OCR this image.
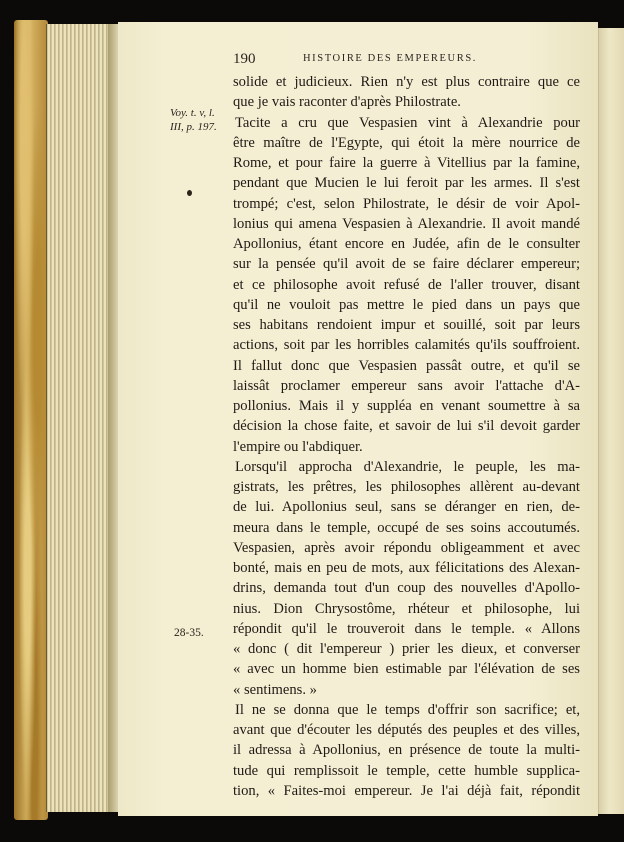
190	HISTOIRE DES EMPEREURS.
Voy. t. v, l.
III, p. 197.
28-35.
solide et judicieux. Rien n'y est plus contraire que ce
que je vais raconter d'après Philostrate.
Tacite a cru que Vespasien vint à Alexandrie pour
être maître de l'Egypte, qui étoit la mère nourrice de
Rome, et pour faire la guerre à Vitellius par la famine,
pendant que Mucien le lui feroit par les armes. Il s'est
trompé; c'est, selon Philostrate, le désir de voir Apol-
lonius qui amena Vespasien à Alexandrie. Il avoit mandé
Apollonius, étant encore en Judée, afin de le consulter
sur la pensée qu'il avoit de se faire déclarer empereur;
et ce philosophe avoit refusé de l'aller trouver, disant
qu'il ne vouloit pas mettre le pied dans un pays que
ses habitans rendoient impur et souillé, soit par leurs
actions, soit par les horribles calamités qu'ils souffroient.
Il fallut donc que Vespasien passât outre, et qu'il se
laissât proclamer empereur sans avoir l'attache d'A-
pollonius. Mais il y suppléa en venant soumettre à sa
décision la chose faite, et savoir de lui s'il devoit garder
l'empire ou l'abdiquer.
Lorsqu'il approcha d'Alexandrie, le peuple, les ma-
gistrats, les prêtres, les philosophes allèrent au-devant
de lui. Apollonius seul, sans se déranger en rien, de-
meura dans le temple, occupé de ses soins accoutumés.
Vespasien, après avoir répondu obligeamment et avec
bonté, mais en peu de mots, aux félicitations des Alexan-
drins, demanda tout d'un coup des nouvelles d'Apollo-
nius. Dion Chrysostôme, rhéteur et philosophe, lui
répondit qu'il le trouveroit dans le temple. « Allons
« donc ( dit l'empereur ) prier les dieux, et converser
« avec un homme bien estimable par l'élévation de ses
« sentimens. »
Il ne se donna que le temps d'offrir son sacrifice; et,
avant que d'écouter les députés des peuples et des villes,
il adressa à Apollonius, en présence de toute la multi-
tude qui remplissoit le temple, cette humble supplica-
tion, « Faites-moi empereur. Je l'ai déjà fait, répondit
